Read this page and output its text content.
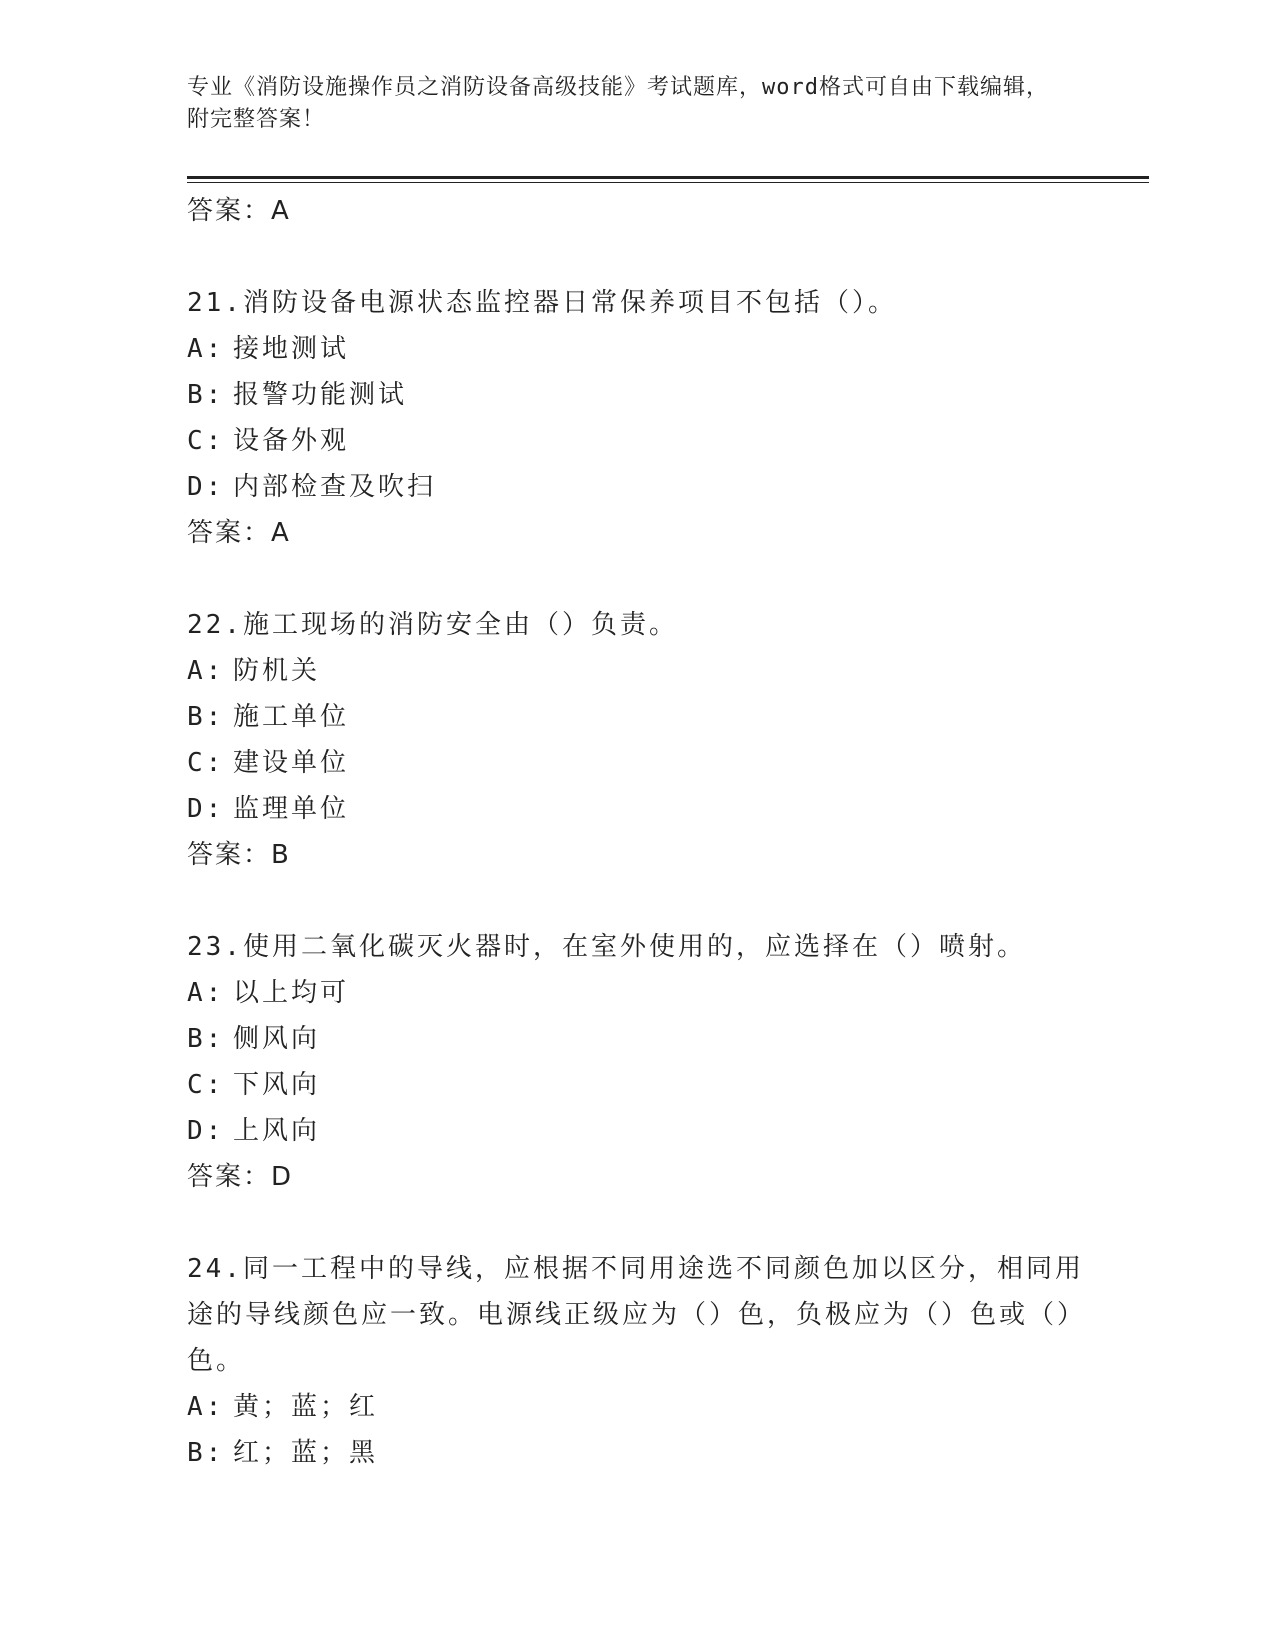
专业《消防设施操作员之消防设备高级技能》考试题库，word格式可自由下载编辑，附完整答案！
答案：A
21.消防设备电源状态监控器日常保养项目不包括（）。
A: 接地测试
B: 报警功能测试
C: 设备外观
D: 内部检查及吹扫
答案：A
22.施工现场的消防安全由（）负责。
A: 防机关
B: 施工单位
C: 建设单位
D: 监理单位
答案：B
23.使用二氧化碳灭火器时，在室外使用的，应选择在（）喷射。
A: 以上均可
B: 侧风向
C: 下风向
D: 上风向
答案：D
24.同一工程中的导线，应根据不同用途选不同颜色加以区分，相同用途的导线颜色应一致。电源线正级应为（）色，负极应为（）色或（）色。
A: 黄；蓝；红
B: 红；蓝；黑
